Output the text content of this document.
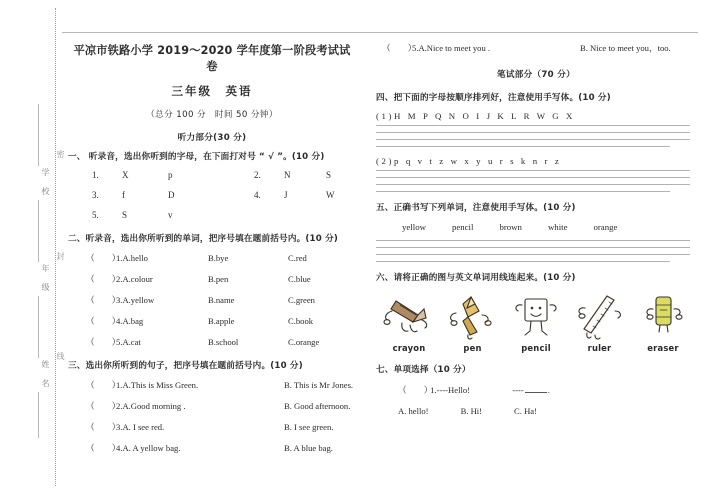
学 校
年 级
姓 名
密
封
线
平凉市铁路小学 2019～2020 学年度第一阶段考试试卷
三年级　英语
（总分 100 分　时间 50 分钟）
听力部分(30 分)
一、 听录音，选出你听到的字母，在下面打对号 “ √ ”。(10 分)
1.	X	p	2.	N	S
3.	f	D	4.	J	W
5.	S	v
二、听录音，选出你所听到的单词，把序号填在题前括号内。(10 分)
（　　）
1.A.hello	B.bye	C.red
（　　）
2.A.colour	B.pen	C.blue
（　　）
3.A.yellow	B.name	C.green
（　　）
4.A.bag	B.apple	C.book
（　　）
5.A.cat	B.school	C.orange
三、选出你所听到的句子，把序号填在题前括号内。(10 分)
（　　）
1.A.This is Miss Green.	B. This is Mr Jones.
（　　）
2.A.Good morning .	B. Good afternoon.
（　　）
3.A. I see red.	B. I see green.
（　　）
4.A. A yellow bag.	B. A blue bag.
（　　）
5.A.Nice to meet you .	B. Nice to meet you，too.
笔试部分（70 分）
四、把下面的字母按顺序排列好，注意使用手写体。(10 分)
(1)H M P Q N O I J K L R W G X
(2)p q v t z w x y u r s k n r z
五、正确书写下列单词，注意使用手写体。(10 分)
yellow	pencil	brown	white	orange
六、请将正确的图与英文单词用线连起来。(10 分)
crayon	pen	pencil	ruler	eraser
七、单项选择（10 分）
（　　） 1.----Hello!	----	.
A. hello!	B. Hi!	C. Ha!
